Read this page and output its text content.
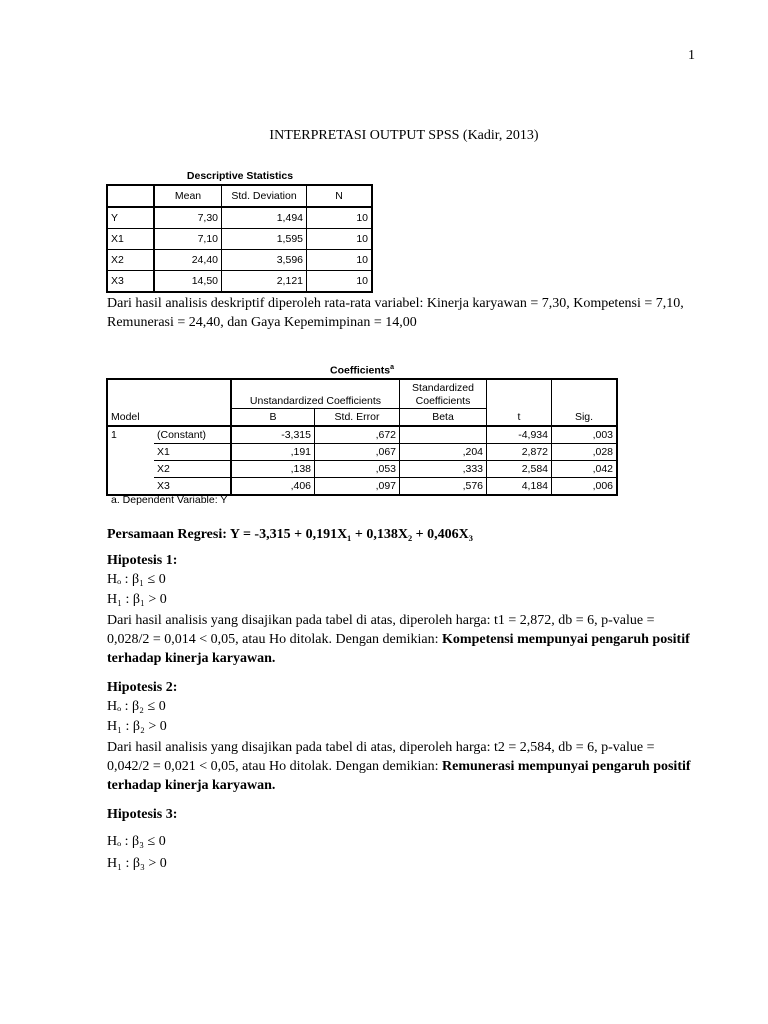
1
INTERPRETASI OUTPUT SPSS (Kadir, 2013)
Descriptive Statistics
	Mean	Std. Deviation	N
Y	7,30	1,494	10
X1	7,10	1,595	10
X2	24,40	3,596	10
X3	14,50	2,121	10
Dari hasil analisis deskriptif diperoleh rata-rata variabel: Kinerja karyawan = 7,30, Kompetensi = 7,10, Remunerasi = 24,40, dan Gaya Kepemimpinan = 14,00
Coefficients$^a$
		Unstandardized Coefficients		Standardized
Coefficients		
Model		B	Std. Error	Beta	t	Sig.
1	(Constant)	-3,315	,672		-4,934	,003
	X1	,191	,067	,204	2,872	,028
	X2	,138	,053	,333	2,584	,042
	X3	,406	,097	,576	4,184	,006
a. Dependent Variable: Y
Persamaan Regresi: Y = -3,315 + 0,191X₁ + 0,138X₂ + 0,406X₃
Hipotesis 1:
Hₒ : β₁ ≤ 0
H₁ : β₁ > 0
Dari hasil analisis yang disajikan pada tabel di atas, diperoleh harga: t1 = 2,872, db = 6, p-value = 0,028/2 = 0,014 < 0,05, atau Ho ditolak. Dengan demikian: Kompetensi mempunyai pengaruh positif terhadap kinerja karyawan.
Hipotesis 2:
Hₒ : β₂ ≤ 0
H₁ : β₂ > 0
Dari hasil analisis yang disajikan pada tabel di atas, diperoleh harga: t2 = 2,584, db = 6, p-value = 0,042/2 = 0,021 < 0,05, atau Ho ditolak. Dengan demikian: Remunerasi mempunyai pengaruh positif terhadap kinerja karyawan.
Hipotesis 3:
Hₒ : β₃ ≤ 0
H₁ : β₃ > 0
